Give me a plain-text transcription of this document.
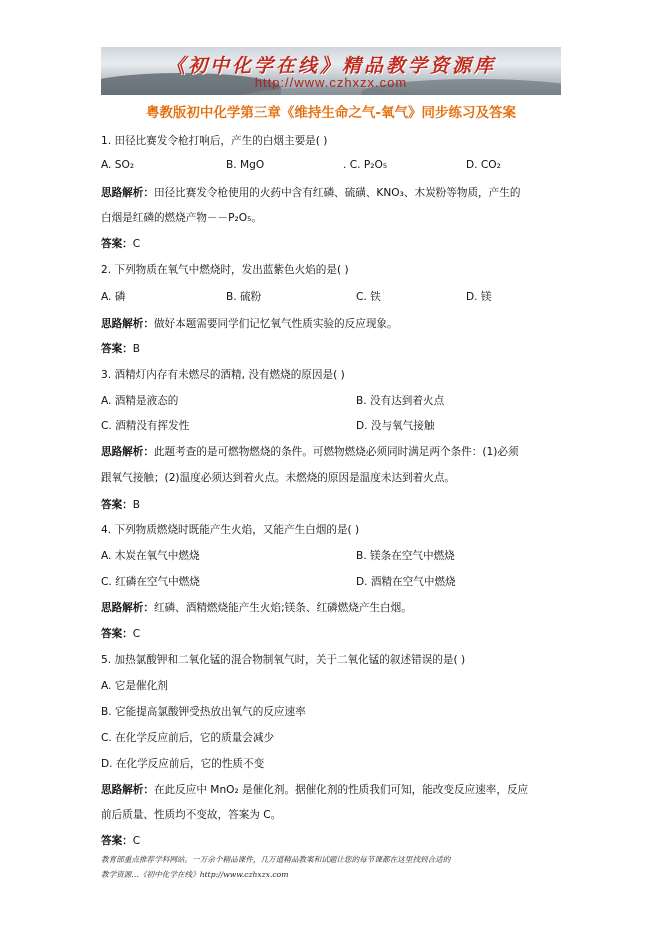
《初中化学在线》精品教学资源库
http://www.czhxzx.com
粤教版初中化学第三章《维持生命之气-氧气》同步练习及答案
1. 田径比赛发令枪打响后，产生的白烟主要是( )
A. SO₂	B. MgO	. C. P₂O₅	D. CO₂
思路解析：田径比赛发令枪使用的火药中含有红磷、硫磺、KNO₃、木炭粉等物质，产生的
白烟是红磷的燃烧产物－－P₂O₅。
答案：C
2. 下列物质在氧气中燃烧时，发出蓝紫色火焰的是( )
A. 磷	B. 硫粉	C. 铁	D. 镁
思路解析：做好本题需要同学们记忆氧气性质实验的反应现象。
答案：B
3. 酒精灯内存有未燃尽的酒精, 没有燃烧的原因是( )
A. 酒精是液态的	B. 没有达到着火点
C. 酒精没有挥发性	D. 没与氧气接触
思路解析：此题考查的是可燃物燃烧的条件。可燃物燃烧必须同时满足两个条件：(1)必须
跟氧气接触；(2)温度必须达到着火点。未燃烧的原因是温度未达到着火点。
答案：B
4. 下列物质燃烧时既能产生火焰，又能产生白烟的是( )
A. 木炭在氧气中燃烧	B. 镁条在空气中燃烧
C. 红磷在空气中燃烧	D. 酒精在空气中燃烧
思路解析：红磷、酒精燃烧能产生火焰;镁条、红磷燃烧产生白烟。
答案：C
5. 加热氯酸钾和二氧化锰的混合物制氧气时，关于二氧化锰的叙述错误的是( )
A. 它是催化剂
B. 它能提高氯酸钾受热放出氧气的反应速率
C. 在化学反应前后，它的质量会减少
D. 在化学反应前后，它的性质不变
思路解析：在此反应中 MnO₂ 是催化剂。据催化剂的性质我们可知，能改变反应速率，反应
前后质量、性质均不变故，答案为 C。
答案：C
教育部重点推荐学科网站。一万余个精品课件，几万道精品教案和试题让您的每节课都在这里找到合适的
教学资源…《初中化学在线》http://www.czhxzx.com
